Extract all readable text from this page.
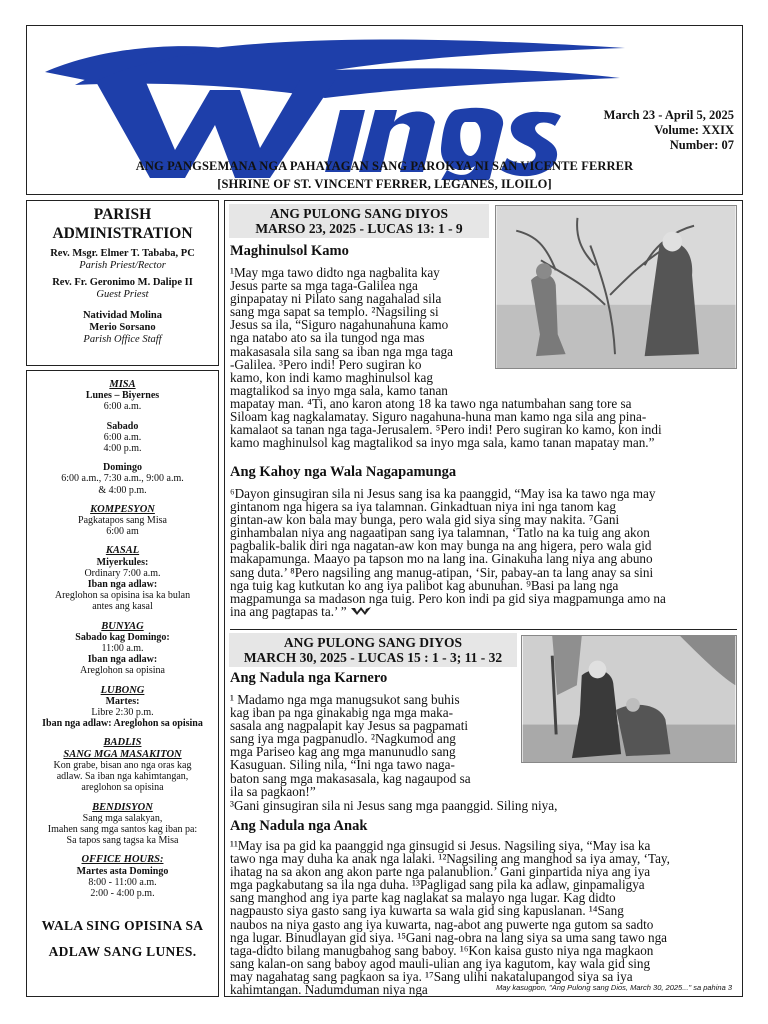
March 23 - April 5, 2025
Volume: XXIX
Number: 07
ANG PANGSEMANA NGA PAHAYAGAN SANG PAROKYA NI SAN VICENTE FERRER
[SHRINE OF ST. VINCENT FERRER, LEGANES, ILOILO]
PARISH
ADMINISTRATION
Rev. Msgr. Elmer T. Tababa, PC
Parish Priest/Rector
Rev. Fr. Geronimo M. Dalipe II
Guest Priest
Natividad Molina
Merio Sorsano
Parish Office Staff
MISA
Lunes – Biyernes
6:00 a.m.
Sabado
6:00 a.m.
4:00 p.m.
Domingo
6:00 a.m., 7:30 a.m., 9:00 a.m.
& 4:00 p.m.
KOMPESYON
Pagkatapos sang Misa
6:00 am
KASAL
Miyerkules:
Ordinary 7:00 a.m.
Iban nga adlaw:
Areglohon sa opisina isa ka bulan
antes ang kasal
BUNYAG
Sabado kag Domingo:
11:00 a.m.
Iban nga adlaw:
Areglohon sa opisina
LUBONG
Martes:
Libre 2:30 p.m.
Iban nga adlaw: Areglohon sa opisina
BADLIS
SANG MGA MASAKITON
Kon grabe, bisan ano nga oras kag
adlaw. Sa iban nga kahimtangan,
areglohon sa opisina
BENDISYON
Sang mga salakyan,
Imahen sang mga santos kag iban pa:
Sa tapos sang tagsa ka Misa
OFFICE HOURS:
Martes asta Domingo
8:00 - 11:00 a.m.
2:00 - 4:00 p.m.
WALA SING OPISINA SA
ADLAW SANG LUNES.
ANG PULONG SANG DIYOS
MARSO 23, 2025 - LUCAS 13: 1 - 9
Maghinulsol Kamo
¹May mga tawo didto nga nagbalita kay
Jesus parte sa mga taga-Galilea nga
ginpapatay ni Pilato sang nagahalad sila
sang mga sapat sa templo. ²Nagsiling si
Jesus sa ila, “Siguro nagahunahuna kamo
nga natabo ato sa ila tungod nga mas
makasasala sila sang sa iban nga mga taga
-Galilea. ³Pero indi! Pero sugiran ko
kamo, kon indi kamo maghinulsol kag
magtalikod sa inyo mga sala, kamo tanan
mapatay man. ⁴Ti, ano karon atong 18 ka tawo nga natumbahan sang tore sa
Siloam kag nagkalamatay. Siguro nagahuna-huna man kamo nga sila ang pina-
kamalaot sa tanan nga taga-Jerusalem. ⁵Pero indi! Pero sugiran ko kamo, kon indi
kamo maghinulsol kag magtalikod sa inyo mga sala, kamo tanan mapatay man.”
Ang Kahoy nga Wala Nagapamunga
⁶Dayon ginsugiran sila ni Jesus sang isa ka paanggid, “May isa ka tawo nga may
gintanom nga higera sa iya talamnan. Ginkadtuan niya ini nga tanom kag
gintan-aw kon bala may bunga, pero wala gid siya sing may nakita. ⁷Gani
ginhambalan niya ang nagaatipan sang iya talamnan, ‘Tatlo na ka tuig ang akon
pagbalik-balik diri nga nagatan-aw kon may bunga na ang higera, pero wala gid
makapamunga. Maayo pa tapson mo na lang ina. Ginakuha lang niya ang abuno
sang duta.’ ⁸Pero nagsiling ang manug-atipan, ‘Sir, pabay-an ta lang anay sa sini
nga tuig kag kutkutan ko ang iya palibot kag abunuhan. ⁹Basi pa lang nga
magpamunga sa madason nga tuig. Pero kon indi pa gid siya magpamunga amo na
ina ang pagtapas ta.’ ”
ANG PULONG SANG DIYOS
MARCH 30, 2025 - LUCAS 15 : 1 - 3; 11 - 32
Ang Nadula nga Karnero
¹ Madamo nga mga manugsukot sang buhis
kag iban pa nga ginakabig nga mga maka-
sasala ang nagpalapit kay Jesus sa pagpamati
sang iya mga pagpanudlo. ²Nagkumod ang
mga Pariseo kag ang mga manunudlo sang
Kasuguan. Siling nila, “Ini nga tawo naga-
baton sang mga makasasala, kag nagaupod sa
ila sa pagkaon!”
³Gani ginsugiran sila ni Jesus sang mga paanggid. Siling niya,
Ang Nadula nga Anak
¹¹May isa pa gid ka paanggid nga ginsugid si Jesus. Nagsiling siya, “May isa ka
tawo nga may duha ka anak nga lalaki. ¹²Nagsiling ang manghod sa iya amay, ‘Tay,
ihatag na sa akon ang akon parte nga palanublion.’ Gani ginpartida niya ang iya
mga pagkabutang sa ila nga duha. ¹³Pagligad sang pila ka adlaw, ginpamaligya
sang manghod ang iya parte kag naglakat sa malayo nga lugar. Kag didto
nagpausto siya gasto sang iya kuwarta sa wala gid sing kapuslanan. ¹⁴Sang
naubos na niya gasto ang iya kuwarta, nag-abot ang puwerte nga gutom sa sadto
nga lugar. Binudlayan gid siya. ¹⁵Gani nag-obra na lang siya sa uma sang tawo nga
taga-didto bilang manugbahog sang baboy. ¹⁶Kon kaisa gusto niya nga magkaon
sang kalan-on sang baboy agod mauli-ulian ang iya kagutom, kay wala gid sing
may nagahatag sang pagkaon sa iya. ¹⁷Sang ulihi nakatalupangod siya sa iya
kahimtangan. Nadumduman niya nga	May kasugpon, "Ang Pulong sang Dios, March 30, 2025..." sa pahina 3
